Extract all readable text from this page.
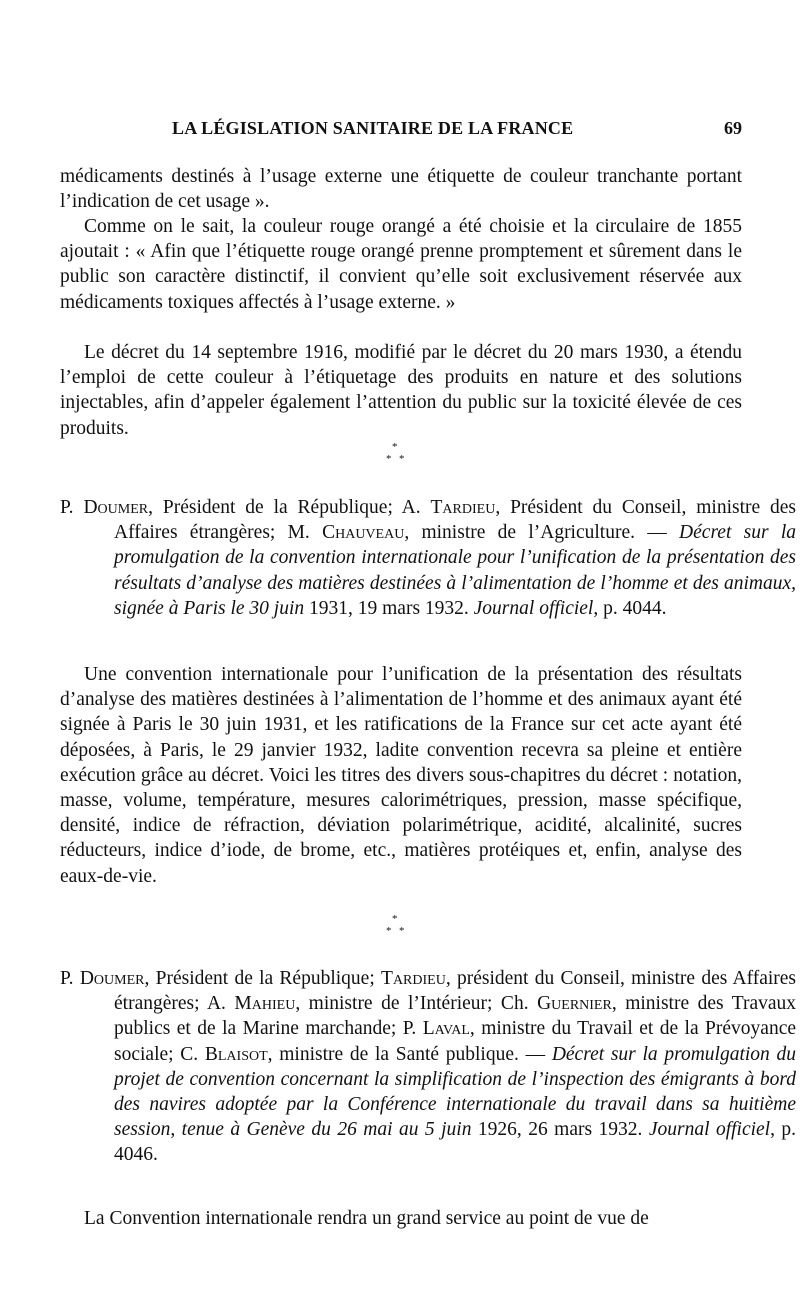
LA LÉGISLATION SANITAIRE DE LA FRANCE	69

médicaments destinés à l’usage externe une étiquette de couleur tranchante portant l’indication de cet usage ».

Comme on le sait, la couleur rouge orangé a été choisie et la circulaire de 1855 ajoutait : « Afin que l’étiquette rouge orangé prenne promptement et sûrement dans le public son caractère distinctif, il convient qu’elle soit exclusivement réservée aux médicaments toxiques affectés à l’usage externe. »

Le décret du 14 septembre 1916, modifié par le décret du 20 mars 1930, a étendu l’emploi de cette couleur à l’étiquetage des produits en nature et des solutions injectables, afin d’appeler également l’attention du public sur la toxicité élevée de ces produits.

*
* *

P. Doumer, Président de la République; A. Tardieu, Président du Conseil, ministre des Affaires étrangères; M. Chauveau, ministre de l’Agriculture. — Décret sur la promulgation de la convention internationale pour l’unification de la présentation des résultats d’analyse des matières destinées à l’alimentation de l’homme et des animaux, signée à Paris le 30 juin 1931, 19 mars 1932. Journal officiel, p. 4044.

Une convention internationale pour l’unification de la présentation des résultats d’analyse des matières destinées à l’alimentation de l’homme et des animaux ayant été signée à Paris le 30 juin 1931, et les ratifications de la France sur cet acte ayant été déposées, à Paris, le 29 janvier 1932, ladite convention recevra sa pleine et entière exécution grâce au décret. Voici les titres des divers sous-chapitres du décret : notation, masse, volume, température, mesures calorimétriques, pression, masse spécifique, densité, indice de réfraction, déviation polarimétrique, acidité, alcalinité, sucres réducteurs, indice d’iode, de brome, etc., matières protéiques et, enfin, analyse des eaux-de-vie.

*
* *

P. Doumer, Président de la République; Tardieu, président du Conseil, ministre des Affaires étrangères; A. Mahieu, ministre de l’Intérieur; Ch. Guernier, ministre des Travaux publics et de la Marine marchande; P. Laval, ministre du Travail et de la Prévoyance sociale; C. Blaisot, ministre de la Santé publique. — Décret sur la promulgation du projet de convention concernant la simplification de l’inspection des émigrants à bord des navires adoptée par la Conférence internationale du travail dans sa huitième session, tenue à Genève du 26 mai au 5 juin 1926, 26 mars 1932. Journal officiel, p. 4046.

La Convention internationale rendra un grand service au point de vue de
